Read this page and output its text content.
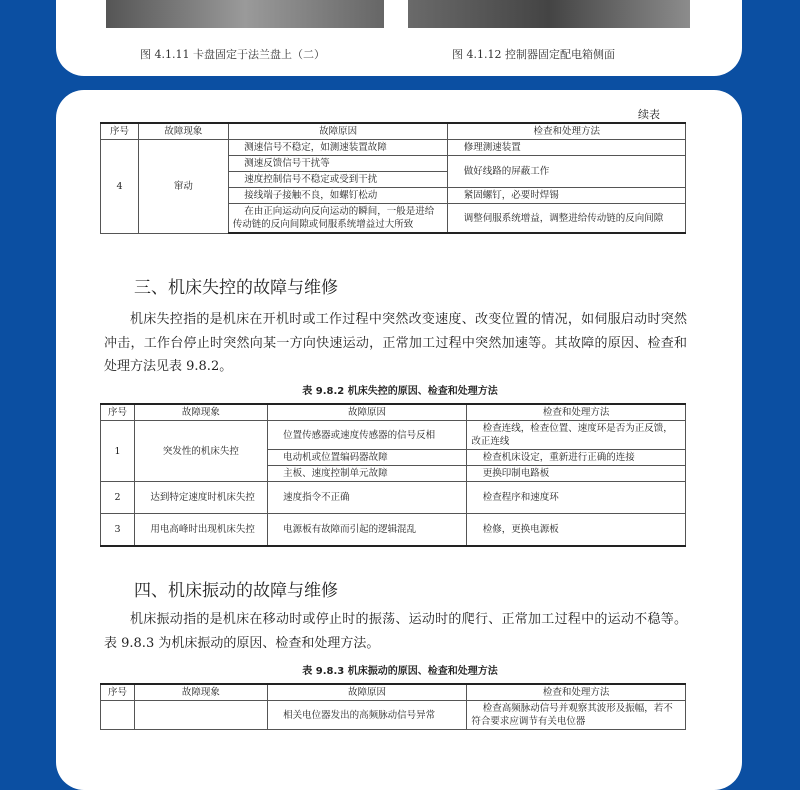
图 4.1.11 卡盘固定于法兰盘上（二）	图 4.1.12 控制器固定配电箱侧面
续表
序号	故障现象	故障原因	检查和处理方法
4	窜动	测速信号不稳定，如测速装置故障	修理测速装置
		测速反馈信号干扰等	做好线路的屏蔽工作
		速度控制信号不稳定或受到干扰	
		接线端子接触不良，如螺钉松动	紧固螺钉，必要时焊锡
		在由正向运动向反向运动的瞬间，一般是进给传动链的反向间隙或伺服系统增益过大所致	调整伺服系统增益，调整进给传动链的反向间隙
三、机床失控的故障与维修

机床失控指的是机床在开机时或工作过程中突然改变速度、改变位置的情况，如伺服启动时突然冲击，工作台停止时突然向某一方向快速运动，正常加工过程中突然加速等。其故障的原因、检查和处理方法见表 9.8.2。

表 9.8.2 机床失控的原因、检查和处理方法
序号	故障现象	故障原因	检查和处理方法
1	突发性的机床失控	位置传感器或速度传感器的信号反相	检查连线，检查位置、速度环是否为正反馈，改正连线
		电动机或位置编码器故障	检查机床设定，重新进行正确的连接
		主板、速度控制单元故障	更换印制电路板
2	达到特定速度时机床失控	速度指令不正确	检查程序和速度环
3	用电高峰时出现机床失控	电源板有故障而引起的逻辑混乱	检修，更换电源板
四、机床振动的故障与维修

机床振动指的是机床在移动时或停止时的振荡、运动时的爬行、正常加工过程中的运动不稳等。表 9.8.3 为机床振动的原因、检查和处理方法。

表 9.8.3 机床振动的原因、检查和处理方法
序号	故障现象	故障原因	检查和处理方法
		相关电位器发出的高频脉动信号异常	检查高频脉动信号并观察其波形及振幅，若不符合要求应调节有关电位器
